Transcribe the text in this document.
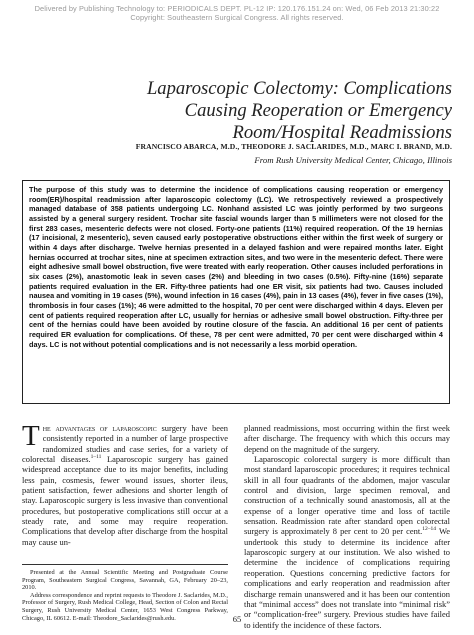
Delivered by Publishing Technology to: PERIODICALS DEPT. PL-12 IP: 120.176.151.24 on: Wed, 06 Feb 2013 21:30:22
Copyright: Southeastern Surgical Congress. All rights reserved.
Laparoscopic Colectomy: Complications
Causing Reoperation or Emergency
Room/Hospital Readmissions
FRANCISCO ABARCA, M.D., THEODORE J. SACLARIDES, M.D., MARC I. BRAND, M.D.
From Rush University Medical Center, Chicago, Illinois

The purpose of this study was to determine the incidence of complications causing reoperation or emergency room(ER)/hospital readmission after laparoscopic colectomy (LC). We retrospectively reviewed a prospectively managed database of 358 patients undergoing LC. Nonhand assisted LC was jointly performed by two surgeons assisted by a general surgery resident. Trochar site fascial wounds larger than 5 millimeters were not closed for the first 283 cases, mesenteric defects were not closed. Forty-one patients (11%) required reoperation. Of the 19 hernias (17 incisional, 2 mesenteric), seven caused early postoperative obstructions either within the first week of surgery or within 4 days after discharge. Twelve hernias presented in a delayed fashion and were repaired months later. Eight hernias occurred at trochar sites, nine at specimen extraction sites, and two were in the mesenteric defect. There were eight adhesive small bowel obstruction, five were treated with early reoperation. Other causes included perforations in six cases (2%), anastomotic leak in seven cases (2%) and bleeding in two cases (0.5%). Fifty-nine (16%) separate patients required evaluation in the ER. Fifty-three patients had one ER visit, six patients had two. Causes included nausea and vomiting in 19 cases (5%), wound infection in 16 cases (4%), pain in 13 cases (4%), fever in five cases (1%), thrombosis in four cases (1%); 46 were admitted to the hospital, 70 per cent were discharged within 4 days. Eleven per cent of patients required reoperation after LC, usually for hernias or adhesive small bowel obstruction. Fifty-three per cent of the hernias could have been avoided by routine closure of the fascia. An additional 16 per cent of patients required ER evaluation for complications. Of these, 78 per cent were admitted, 70 per cent were discharged within 4 days. LC is not without potential complications and is not necessarily a less morbid operation.

The advantages of laparoscopic surgery have been consistently reported in a number of large prospective randomized studies and case series, for a variety of colorectal diseases.$^{1-11}$ Laparoscopic surgery has gained widespread acceptance due to its major benefits, including less pain, cosmesis, fewer wound issues, shorter ileus, patient satisfaction, fewer adhesions and shorter length of stay. Laparoscopic surgery is less invasive than conventional procedures, but postoperative complications still occur at a steady rate, and some may require reoperation. Complications that develop after discharge from the hospital may cause un-

planned readmissions, most occurring within the first week after discharge. The frequency with which this occurs may depend on the magnitude of the surgery.

Laparoscopic colorectal surgery is more difficult than most standard laparoscopic procedures; it requires technical skill in all four quadrants of the abdomen, major vascular control and division, large specimen removal, and construction of a technically sound anastomosis, all at the expense of a longer operative time and loss of tactile sensation. Readmission rate after standard open colorectal surgery is approximately 8 per cent to 20 per cent.$^{12-14}$ We undertook this study to determine its incidence after laparoscopic surgery at our institution. We also wished to determine the incidence of complications requiring reoperation. Questions concerning predictive factors for complications and early reoperation and readmission after discharge remain unanswered and it has been our contention that “minimal access” does not translate into “minimal risk” or “complication-free” surgery. Previous studies have failed to identify the incidence of these factors.

Presented at the Annual Scientific Meeting and Postgraduate Course Program, Southeastern Surgical Congress, Savannah, GA, February 20–23, 2010.

Address correspondence and reprint requests to Theodore J. Saclarides, M.D., Professor of Surgery, Rush Medical College, Head, Section of Colon and Rectal Surgery, Rush University Medical Center, 1653 West Congress Parkway, Chicago, IL 60612. E-mail: Theodore_Saclarides@rush.edu.	65
